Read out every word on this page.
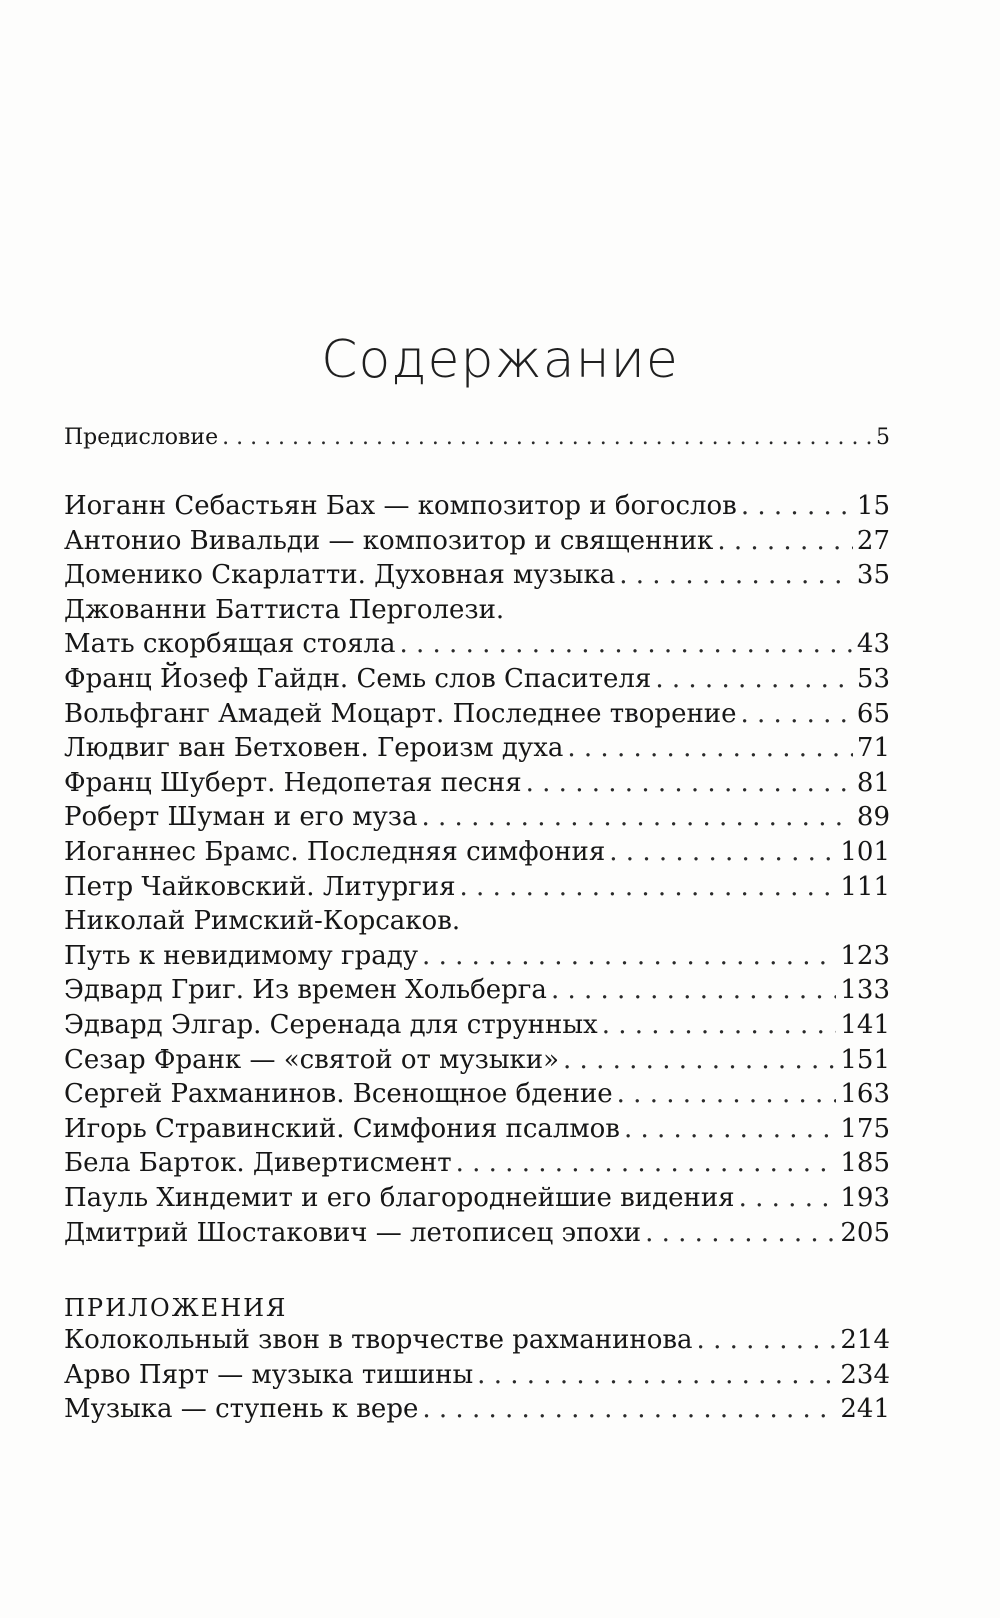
Содержание
Предисловие . . .	5
Иоганн Себастьян Бах — композитор и богослов . . .	15
Антонио Вивальди — композитор и священник . . .	27
Доменико Скарлатти. Духовная музыка . . .	35
Джованни Баттиста Перголези.
Мать скорбящая стояла . . .	43
Франц Йозеф Гайдн. Семь слов Спасителя . . .	53
Вольфганг Амадей Моцарт. Последнее творение . . .	65
Людвиг ван Бетховен. Героизм духа . . .	71
Франц Шуберт. Недопетая песня . . .	81
Роберт Шуман и его муза . . .	89
Иоганнес Брамс. Последняя симфония . . .	101
Петр Чайковский. Литургия . . .	111
Николай Римский-Корсаков.
Путь к невидимому граду . . .	123
Эдвард Григ. Из времен Хольберга . . .	133
Эдвард Элгар. Серенада для струнных . . .	141
Сезар Франк — «святой от музыки» . . .	151
Сергей Рахманинов. Всенощное бдение . . .	163
Игорь Стравинский. Симфония псалмов . . .	175
Бела Барток. Дивертисмент . . .	185
Пауль Хиндемит и его благороднейшие видения . . .	193
Дмитрий Шостакович — летописец эпохи . . .	205
ПРИЛОЖЕНИЯ
Колокольный звон в творчестве рахманинова . . .	214
Арво Пярт — музыка тишины . . .	234
Музыка — ступень к вере . . .	241
